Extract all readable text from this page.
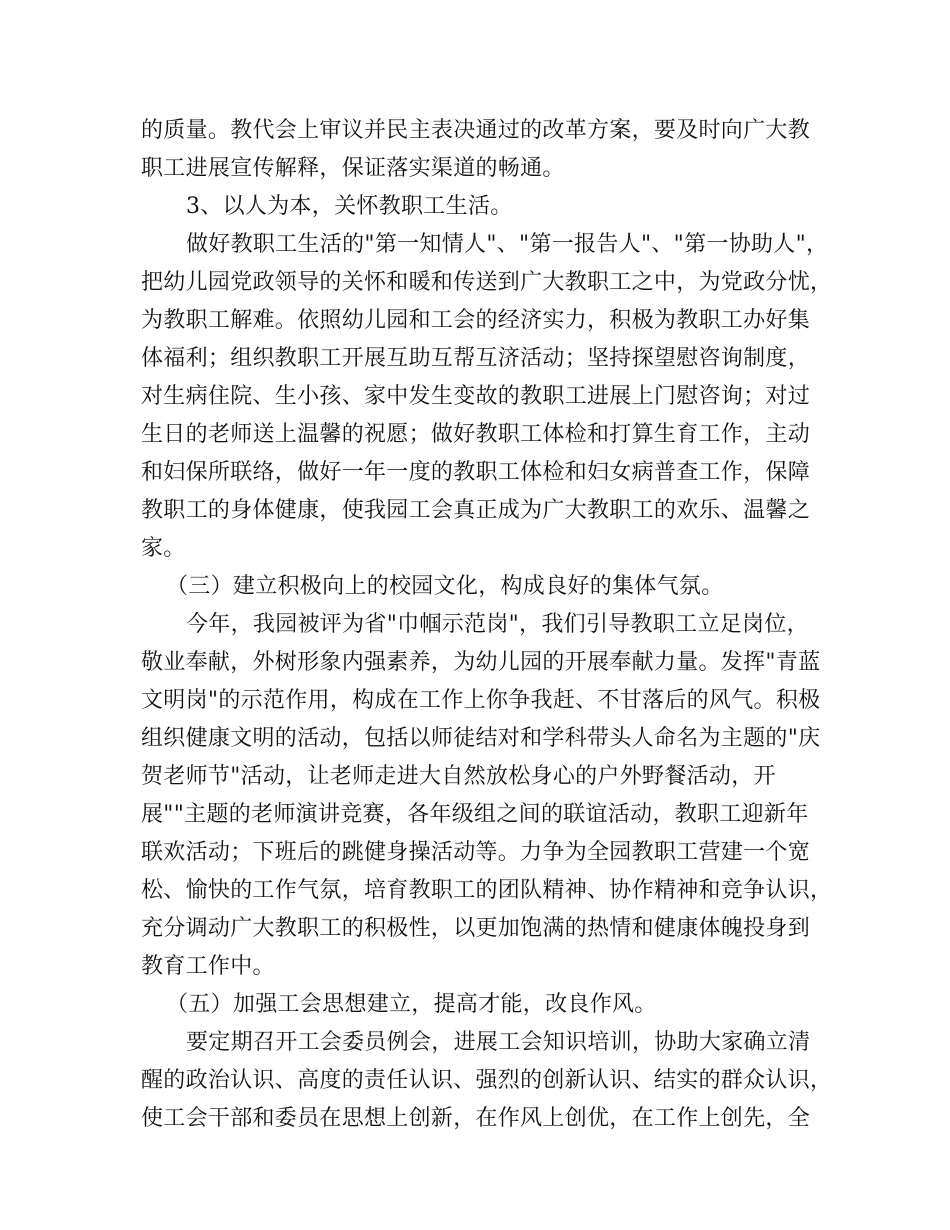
的质量。教代会上审议并民主表决通过的改革方案，要及时向广大教
职工进展宣传解释，保证落实渠道的畅通。
3、以人为本，关怀教职工生活。
做好教职工生活的"第一知情人"、"第一报告人"、"第一协助人"，
把幼儿园党政领导的关怀和暖和传送到广大教职工之中，为党政分忧，
为教职工解难。依照幼儿园和工会的经济实力，积极为教职工办好集
体福利；组织教职工开展互助互帮互济活动；坚持探望慰咨询制度，
对生病住院、生小孩、家中发生变故的教职工进展上门慰咨询；对过
生日的老师送上温馨的祝愿；做好教职工体检和打算生育工作，主动
和妇保所联络，做好一年一度的教职工体检和妇女病普查工作，保障
教职工的身体健康，使我园工会真正成为广大教职工的欢乐、温馨之
家。
（三）建立积极向上的校园文化，构成良好的集体气氛。
今年，我园被评为省"巾帼示范岗"，我们引导教职工立足岗位，
敬业奉献，外树形象内强素养，为幼儿园的开展奉献力量。发挥"青蓝
文明岗"的示范作用，构成在工作上你争我赶、不甘落后的风气。积极
组织健康文明的活动，包括以师徒结对和学科带头人命名为主题的"庆
贺老师节"活动，让老师走进大自然放松身心的户外野餐活动，开
展""主题的老师演讲竞赛，各年级组之间的联谊活动，教职工迎新年
联欢活动；下班后的跳健身操活动等。力争为全园教职工营建一个宽
松、愉快的工作气氛，培育教职工的团队精神、协作精神和竞争认识，
充分调动广大教职工的积极性，以更加饱满的热情和健康体魄投身到
教育工作中。
（五）加强工会思想建立，提高才能，改良作风。
要定期召开工会委员例会，进展工会知识培训，协助大家确立清
醒的政治认识、高度的责任认识、强烈的创新认识、结实的群众认识，
使工会干部和委员在思想上创新，在作风上创优，在工作上创先，全
